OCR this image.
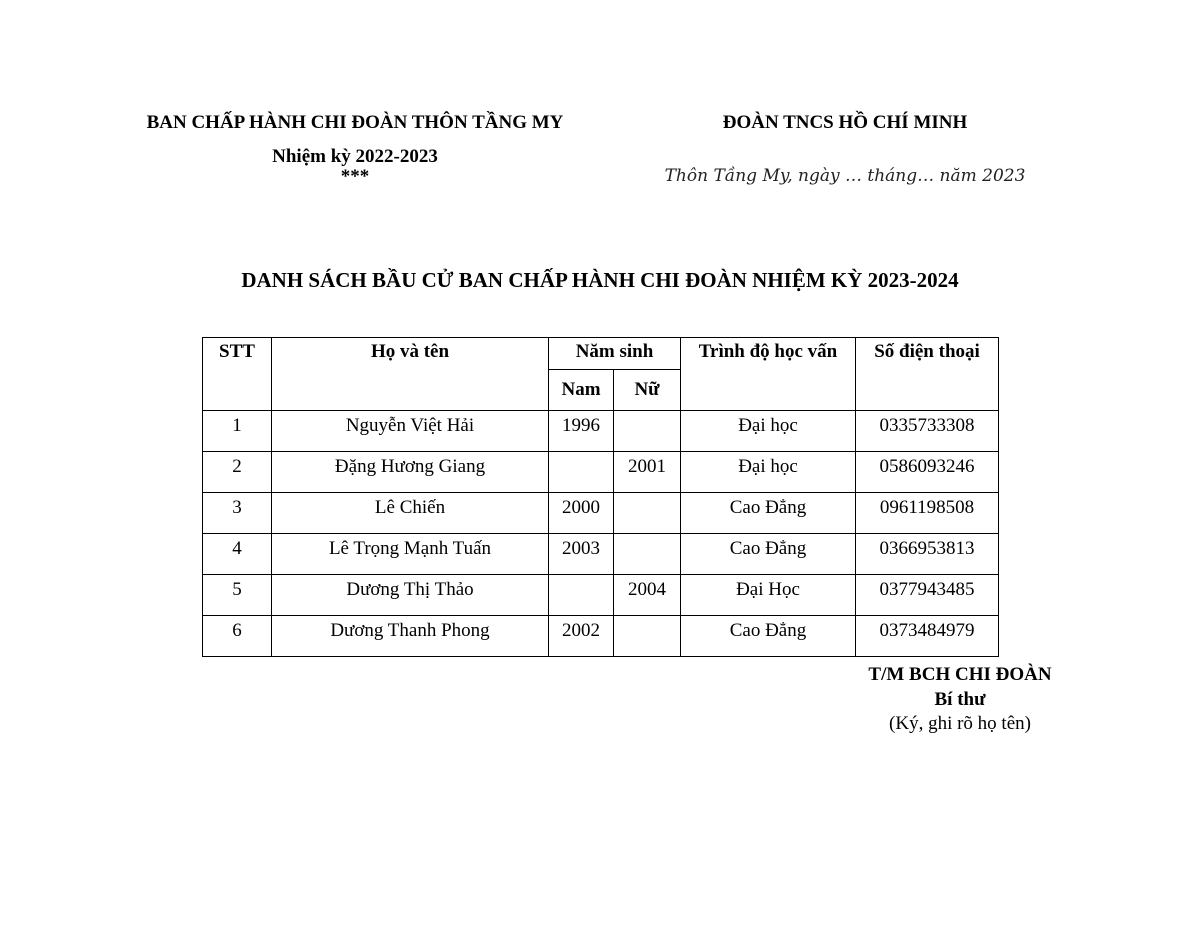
BAN CHẤP HÀNH CHI ĐOÀN THÔN TẦNG MY
Nhiệm kỳ 2022-2023
***
ĐOÀN TNCS HỒ CHÍ MINH
Thôn Tầng My, ngày … tháng… năm 2023
DANH SÁCH BẦU CỬ BAN CHẤP HÀNH CHI ĐOÀN NHIỆM KỲ 2023-2024
STT	Họ và tên	Năm sinh		Trình độ học vấn	Số điện thoại
		Nam	Nữ		
1	Nguyễn Việt Hải	1996		Đại học	0335733308
2	Đặng Hương Giang		2001	Đại học	0586093246
3	Lê Chiến	2000		Cao Đẳng	0961198508
4	Lê Trọng Mạnh Tuấn	2003		Cao Đẳng	0366953813
5	Dương Thị Thảo		2004	Đại Học	0377943485
6	Dương Thanh Phong	2002		Cao Đẳng	0373484979
T/M BCH CHI ĐOÀN
Bí thư
(Ký, ghi rõ họ tên)
